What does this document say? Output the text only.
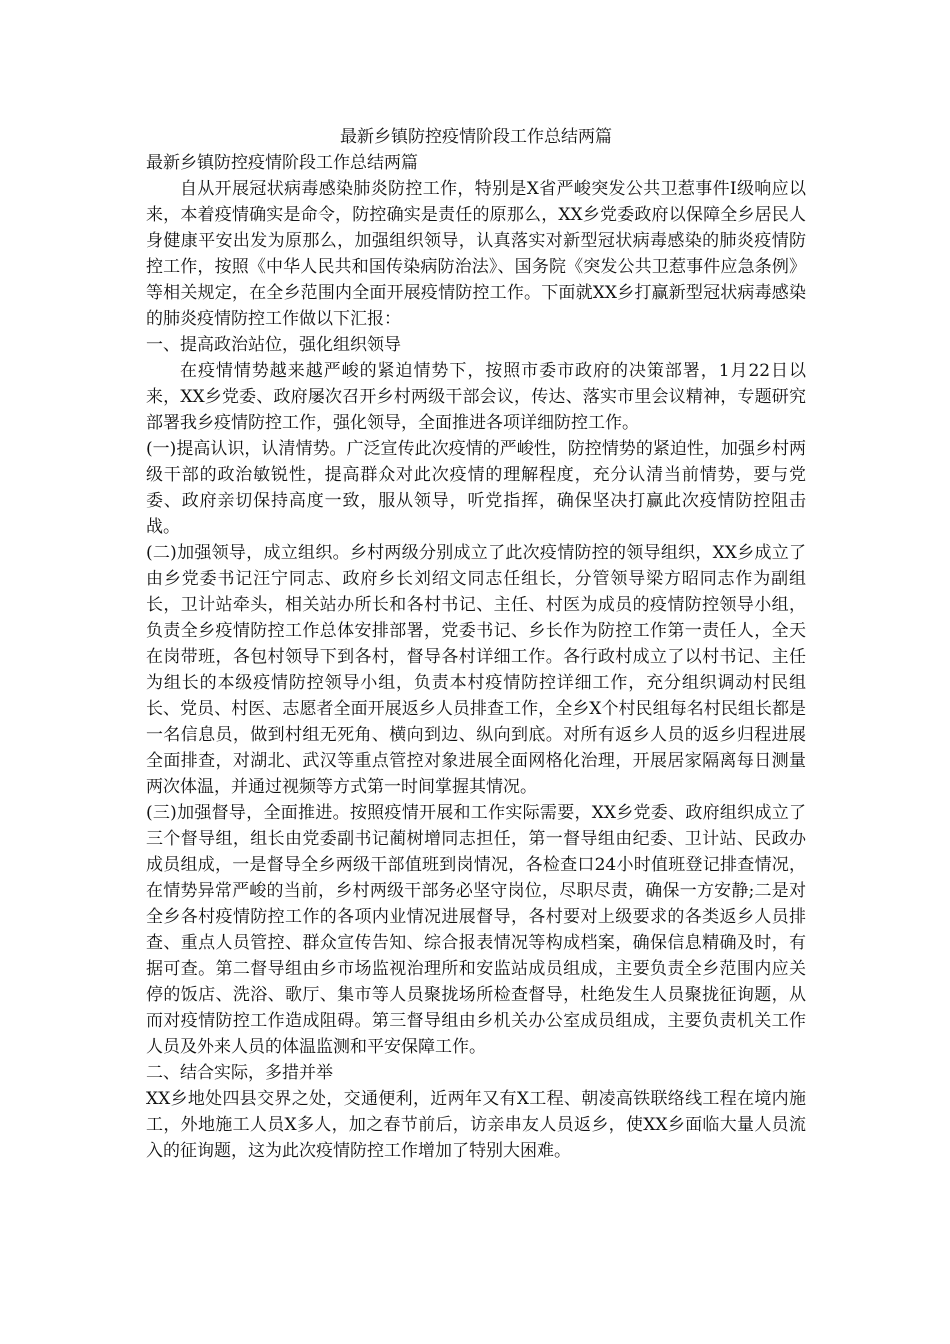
最新乡镇防控疫情阶段工作总结两篇
最新乡镇防控疫情阶段工作总结两篇

自从开展冠状病毒感染肺炎防控工作，特别是X省严峻突发公共卫惹事件Ⅰ级响应以来，本着疫情确实是命令，防控确实是责任的原那么，XX乡党委政府以保障全乡居民人身健康平安出发为原那么，加强组织领导，认真落实对新型冠状病毒感染的肺炎疫情防控工作，按照《中华人民共和国传染病防治法》、国务院《突发公共卫惹事件应急条例》等相关规定，在全乡范围内全面开展疫情防控工作。下面就XX乡打赢新型冠状病毒感染的肺炎疫情防控工作做以下汇报：

一、提高政治站位，强化组织领导

在疫情情势越来越严峻的紧迫情势下，按照市委市政府的决策部署，1月22日以来，XX乡党委、政府屡次召开乡村两级干部会议，传达、落实市里会议精神，专题研究部署我乡疫情防控工作，强化领导，全面推进各项详细防控工作。

(一)提高认识，认清情势。广泛宣传此次疫情的严峻性，防控情势的紧迫性，加强乡村两级干部的政治敏锐性，提高群众对此次疫情的理解程度，充分认清当前情势，要与党委、政府亲切保持高度一致，服从领导，听党指挥，确保坚决打赢此次疫情防控阻击战。

(二)加强领导，成立组织。乡村两级分别成立了此次疫情防控的领导组织，XX乡成立了由乡党委书记汪宁同志、政府乡长刘绍文同志任组长，分管领导梁方昭同志作为副组长，卫计站牵头，相关站办所长和各村书记、主任、村医为成员的疫情防控领导小组，负责全乡疫情防控工作总体安排部署，党委书记、乡长作为防控工作第一责任人，全天在岗带班，各包村领导下到各村，督导各村详细工作。各行政村成立了以村书记、主任为组长的本级疫情防控领导小组，负责本村疫情防控详细工作，充分组织调动村民组长、党员、村医、志愿者全面开展返乡人员排查工作，全乡X个村民组每名村民组长都是一名信息员，做到村组无死角、横向到边、纵向到底。对所有返乡人员的返乡归程进展全面排查，对湖北、武汉等重点管控对象进展全面网格化治理，开展居家隔离每日测量两次体温，并通过视频等方式第一时间掌握其情况。

(三)加强督导，全面推进。按照疫情开展和工作实际需要，XX乡党委、政府组织成立了三个督导组，组长由党委副书记蔺树增同志担任，第一督导组由纪委、卫计站、民政办成员组成，一是督导全乡两级干部值班到岗情况，各检查口24小时值班登记排查情况，在情势异常严峻的当前，乡村两级干部务必坚守岗位，尽职尽责，确保一方安静;二是对全乡各村疫情防控工作的各项内业情况进展督导，各村要对上级要求的各类返乡人员排查、重点人员管控、群众宣传告知、综合报表情况等构成档案，确保信息精确及时，有据可查。第二督导组由乡市场监视治理所和安监站成员组成，主要负责全乡范围内应关停的饭店、洗浴、歌厅、集市等人员聚拢场所检查督导，杜绝发生人员聚拢征询题，从而对疫情防控工作造成阻碍。第三督导组由乡机关办公室成员组成，主要负责机关工作人员及外来人员的体温监测和平安保障工作。

二、结合实际，多措并举

XX乡地处四县交界之处，交通便利，近两年又有X工程、朝凌高铁联络线工程在境内施工，外地施工人员X多人，加之春节前后，访亲串友人员返乡，使XX乡面临大量人员流入的征询题，这为此次疫情防控工作增加了特别大困难。
